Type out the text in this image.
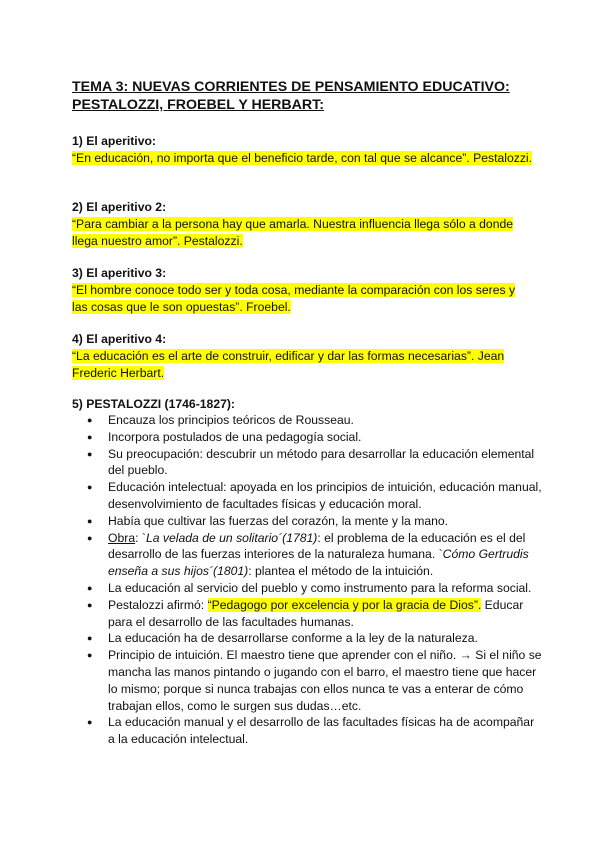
TEMA 3: NUEVAS CORRIENTES DE PENSAMIENTO EDUCATIVO: PESTALOZZI, FROEBEL Y HERBART:
1) El aperitivo:
“En educación, no importa que el beneficio tarde, con tal que se alcance”. Pestalozzi.
2) El aperitivo 2:
“Para cambiar a la persona hay que amarla. Nuestra influencia llega sólo a donde llega nuestro amor”. Pestalozzi.
3) El aperitivo 3:
“El hombre conoce todo ser y toda cosa, mediante la comparación con los seres y las cosas que le son opuestas”. Froebel.
4) El aperitivo 4:
“La educación es el arte de construir, edificar y dar las formas necesarias”. Jean Frederic Herbart.
5) PESTALOZZI (1746-1827):
● Encauza los principios teóricos de Rousseau.
● Incorpora postulados de una pedagogía social.
● Su preocupación: descubrir un método para desarrollar la educación elemental del pueblo.
● Educación intelectual: apoyada en los principios de intuición, educación manual, desenvolvimiento de facultades físicas y educación moral.
● Había que cultivar las fuerzas del corazón, la mente y la mano.
● Obra: `La velada de un solitario´(1781): el problema de la educación es el del desarrollo de las fuerzas interiores de la naturaleza humana. `Cómo Gertrudis enseña a sus hijos´(1801): plantea el método de la intuición.
● La educación al servicio del pueblo y como instrumento para la reforma social.
● Pestalozzi afirmó: “Pedagogo por excelencia y por la gracia de Dios”. Educar para el desarrollo de las facultades humanas.
● La educación ha de desarrollarse conforme a la ley de la naturaleza.
● Principio de intuición. El maestro tiene que aprender con el niño. → Si el niño se mancha las manos pintando o jugando con el barro, el maestro tiene que hacer lo mismo; porque si nunca trabajas con ellos nunca te vas a enterar de cómo trabajan ellos, como le surgen sus dudas…etc.
● La educación manual y el desarrollo de las facultades físicas ha de acompañar a la educación intelectual.
